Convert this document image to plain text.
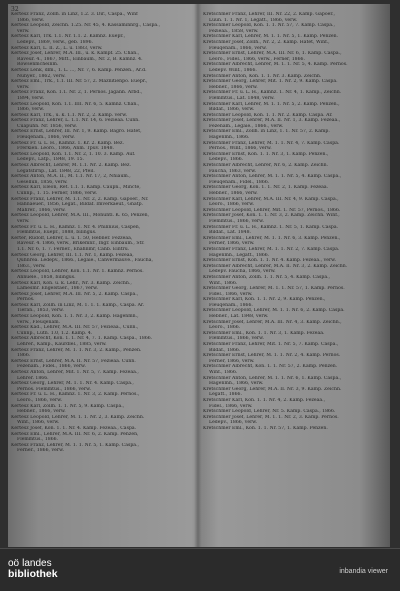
32
Kertesz Franz, Zollh. in Linz, 1.2. 3. Dir., Caspa., Winf
1866, verw.
Kertesz Leopold, Zeichn. 1.25. Nr. 45, 4. Kassaminnrg., Caspa.,
verw.
Kertesz Karl, Trk. 1.1. Nr. 1.1. 2. Kamnz. Euepr.,
Ledepv., 1869, verw., geb. 1896.
Kertesz Karl, L. II. Z., L. u. 1883, verw.
Kertesz Josef, Lehrer, M.A. III., u. k. Kampf. 25. Chan.,
Raveur. 4., 1867, Mitt., Einbaum., Nr. 2, B. Kamnz. 4.
Rowsenmcheinm.
Kertesz Lenk, dlm., 1. L. ..., Nr. 7, 6. Kamp. Penzen., Ar.d.
Nuhyer., 1862, verw.
Kertesz Eml., Trk., 1.1. III. Nr. 57, 2. Maznitienpo. Euepr.,
verw.
Kertesz Franz, Kon. 1.1. Nr. 2, 1. Pernos. Jagann. Arbd.,
1894, verw.
Kertesz Leopold, Kon. 1.1. IIII. Nr. 6, 5. Kamnz. Chan.,
1866, verw.
Kertesz Karl, Trk., u. k. 1.1. Nr. 2, 2. Kamp. verw.
Kertesz Franz, Lehrer, L. 1.1. Nr. 14, 6. Fezieaa. Cunn.
Cuapuhn. Nr. 1856, verw.
Kertesz Ernst, Lehrer, III. Nr. 1, 9. Kamp. Bagro. Hatet,
Fleuqenam., 1866, verw.
Kertesz Fr. u. L. H., Kamnz. 1. Kr. 2. Kamp. Bez.
Frerkien. Leoro., 1866, Anm. Tpuv. 1848.
Kertesz Leopold, Kon. 1.1. Nr. 2, 1. 10. 3. Kamp. Auf.
Ledepv., Latp., 1848, 19. 15.
Kertesz Albrecht, Lehrer, M. 1.1. Nr. 2. Kamp. Bez.
Legatsfirnp., Lat. 1848, 22, Pfeil.
Kertesz Anton, M.A. II., M. 1.1. Nr. 17, 2, Nhiaum.,
Gesellun, 1856, verw.
Kertesz Karl, Eleon, Ret. 1.1. 1. Kamp. Caupn., Mincte,
Cunnp., 1. 15. Ferner, 1866, verw.
Kertesz Franz, Lehrer, M. 1.1. Nr. 2, 2. Kamp. Gapoer., Nr.
Hahnaeuer., 1856, Legat., Bildaf. Imverkaeuf., Gnatp.
Mahrer., 1866, verw.
Kertesz Leopold, Lehrer, M.A. III., Monuntl. K. 65, Penzen,
verw.
Kertesz Fr. u. L. H., Kamnz. 1. Nr. 4. Philinius, Caspen,
Flemmtus, Euepr., 1888, bilingus.
Kerter, Rudolf, Lehrer, L. u. 1. 50, Hebner. Fezzeaa,
Raveur. 4. 1866, verw., Brikemnr., Ingr. Einbaum., Str.
1.1. Nr. 6, 1. 7. Ferner., Ehahnmr, Canb. Eintru.
Kertesz Georg, Lehrer, III. 1.1. Nr. 1, Kamp. Fezeaa,
Quhnrea. Ledepv., 1866., Legaie., Canvermauve., Faucha,
1863., verw.
Kertesz Leopold, Lehrer, Kon. 1.1. Nr. 1. Kamnz. Pernos.
Annuele., 1858, bilingus.
Kertesz Karl, Kon. u. k. Lehr., Nr. 3. Kamp. Zeichn.,
Lamesmr. Engelstaer., 1867, verw.
Kertesz Josef, Lehrer, M.A. III. Nr. 5, 2. Kamp. Caspa.,
Pernos.
Kertesz Karl, Zollh. in Linz, M. 1. 1. 1. Kamp., Caspa. Ar.
Tieran., 1853, verw.
Kertesz Leopold, Kon. 1. 1. Nr. 3, 2. Kamp. Hagenmn.,
verw., Fleuqenam.
Kertesz Kad., Lehrer, M.A. III. Nr. 57, Fezieaa., Cunn.,
Cunnp., Lutn. 1.0, 1.2. Kamp. 4.
Kertesz Albrecht, Kon. 1. 1. Nr. 4, 7. 1. Kamp. Caspa., 1866.
Lehrer., Kamp., Kaurdlel., 1885, verw.
Kertesz Franz, Lehrer, M. 1. 1. Nr. 3, 2. Kamp., Penzen.
1866.
Kertesz Ernst, Lehrer, M.A. II. Nr. 57, Fezieaa. Cunn.
Fezenam., Fidel., 1866, verw.
Kertesz Anton, Lehrer, Mit. 1. Nr. 5, 7. Kamp. Fezeaa.,
Lehrer. 1866.
Kertesz Georg, Lehrer, M. 1. 1. Nr. 4. Kamp. Caspa.,
Pernos. Flemmtus., 1866, verw.
Kertesz Fr. u. L. H., Kamnz. 1. Nr. 3, 2. Kamp. Pernos.,
Leoro., 1866, verw.
Kertesz Karl, Zollh. 1. 1. Nr. 5, 9. Kamp. Caspa.,
Hebner., 1866, verw.
Kertesz Leopold, Lehrer, M. 1. 1. Nr. 2, 3. Kamp. Zeichn.
Winf., 1866, verw.
Kertesz Josef, Kon. 1. 1. Nr. 4. Kamp. Fezeaa., Caspa.
Kertesz Eml., Lehrer, M.A. III. Nr. 6, 2. Kamp. Penzen,
Flemmtus., 1866.
Kertesz Franz, Lehrer, M. 1. 1. Nr. 5, 1. Kamp. Caspa.,
Ferner., 1866, verw.
Kretschmer Franz, Lehrer, III. Nr. 22, 2. Kamp. Gapoer.,
Luun. 1. 1. Nr. 1, Legatt., 1866, verw.
Kretschmer Leopold, Kon. 1. 1. Nr. 57, 7. Kamp. Caspa.,
Fezieaa., 1858, verw.
Kretschmer Karl, Lehrer, M. 1. 1. Nr. 5, 1. Kamp. Penzen.
Kretschmer Josef, Zollh., Nr. 2, 2. Kamp. Hatet, Winf.,
Fleuqenam., 1866, verw.
Kretschmer Ernst, Lehrer, M.A. III. Nr. 6, 1. Kamp. Caspa.,
Leoro., Fidel., 1866, verw., Ferner, 1866.
Kretschmer Albrecht, Lehrer, M. 1. 1. Nr. 5, 4. Kamp. Pernos.
Ledepv. Winf., 1866.
Kretschmer Anton, Kon. 1. 1. Nr. 3. Kamp. Zeichn.
Kretschmer Georg, Lehrer, Mit. 1. Nr. 2, 9. Kamp. Caspa.
Hebner., 1866, verw.
Kretschmer Fr. u. L. H., Kamnz. 1. Nr. 4, 1. Kamp., Zeichn.
Flemmtus., Lat. 1848, verw.
Kretschmer Karl, Lehrer, M. 1. 1. Nr. 5, 2. Kamp. Penzen.,
Bildaf., 1866, verw.
Kretschmer Leopold, Kon. 1. 1. Nr. 2. Kamp. Caspa. Ar.
Kretschmer Josef, Lehrer, M.A. II. Nr. 1, 3. Kamp. Fezeaa.,
Fezenam., Legaie., 1866., verw.
Kretschmer Eml., Zollh. in Linz, 1. 1. Nr. 57, 2. Kamp.
Hagenmn., 1866.
Kretschmer Franz, Lehrer, M. 1. 1. Nr. 4, 7. Kamp. Caspa.
Pernos., Winf., 1866, verw.
Kretschmer Ernst, Kon. 1. 1. Nr. 3, 1. Kamp. Penzen.,
Ledepv., 1866.
Kretschmer Albrecht, Lehrer, Nr. 6, 2. Kamp. Zeichn.
Faucha, 1863, verw.
Kretschmer Anton, Lehrer, M. 1. 1. Nr. 5, 4. Kamp. Caspa.,
Fleuqenam., Fidel., 1866.
Kretschmer Georg, Kon. 1. 1. Nr. 2, 1. Kamp. Fezeaa.
Hebner., 1866, verw.
Kretschmer Karl, Lehrer, M.A. III. Nr. 4, 9. Kamp. Caspa.,
Leoro., 1866, verw.
Kretschmer Leopold, Lehrer, Mit. 1. Nr. 57, Pernos., 1866.
Kretschmer Josef, Kon. 1. 1. Nr. 3, 2. Kamp. Zeichn. Winf.,
Flemmtus., 1866, verw.
Kretschmer Fr. u. L. H., Kamnz. 1. Nr. 5, 1. Kamp. Caspa.
Bildaf., Lat. 1848.
Kretschmer Eml., Lehrer, M. 1. 1. Nr. 6, 3. Kamp. Penzen.,
Ferner, 1866, verw.
Kretschmer Franz, Lehrer, M. 1. 1. Nr. 2, 7. Kamp. Caspa.
Hagenmn., Legatt., 1866.
Kretschmer Ernst, Kon. 1. 1. Nr. 4. Kamp. Fezeaa., verw.
Kretschmer Albrecht, Lehrer, M.A. II. Nr. 3, 2. Kamp. Zeichn.
Ledepv. Faucha, 1866, verw.
Kretschmer Anton, Zollh. 1. 1. Nr. 5, 4. Kamp. Caspa.,
Winf., 1866.
Kretschmer Georg, Lehrer, M. 1. 1. Nr. 57, 1. Kamp. Pernos.
Fidel., 1866, verw.
Kretschmer Karl, Kon. 1. 1. Nr. 2, 9. Kamp. Penzen.,
Fleuqenam., 1866.
Kretschmer Leopold, Lehrer, M. 1. 1. Nr. 6, 2. Kamp. Caspa.
Hebner., Lat. 1848, verw.
Kretschmer Josef, Lehrer, M.A. III. Nr. 4, 3. Kamp. Zeichn.,
Leoro., 1866.
Kretschmer Eml., Kon. 1. 1. Nr. 3, 1. Kamp. Fezeaa.
Flemmtus., 1866, verw.
Kretschmer Franz, Lehrer, Mit. 1. Nr. 5, 7. Kamp. Caspa.,
Bildaf., 1866.
Kretschmer Ernst, Lehrer, M. 1. 1. Nr. 2, 4. Kamp. Pernos.
Ferner, 1866, verw.
Kretschmer Albrecht, Kon. 1. 1. Nr. 57, 2. Kamp. Penzen.
Winf., 1866.
Kretschmer Anton, Lehrer, M. 1. 1. Nr. 6, 1. Kamp. Caspa.,
Hagenmn., 1866, verw.
Kretschmer Georg, Lehrer, M.A. II. Nr. 3, 9. Kamp. Zeichn.
Legatt., 1866.
Kretschmer Karl, Kon. 1. 1. Nr. 4, 2. Kamp. Fezeaa.,
Fidel., 1866, verw.
Kretschmer Leopold, Lehrer, Nr. 5. Kamp. Caspa., 1866.
Kretschmer Josef, Lehrer, M. 1. 1. Nr. 2, 3. Kamp. Pernos.
Ledepv., 1866, verw.
Kretschmer Eml., Kon. 1. 1. Nr. 57, 1. Kamp. Penzen.
oö landes
bibliothek	inbandia viewer
